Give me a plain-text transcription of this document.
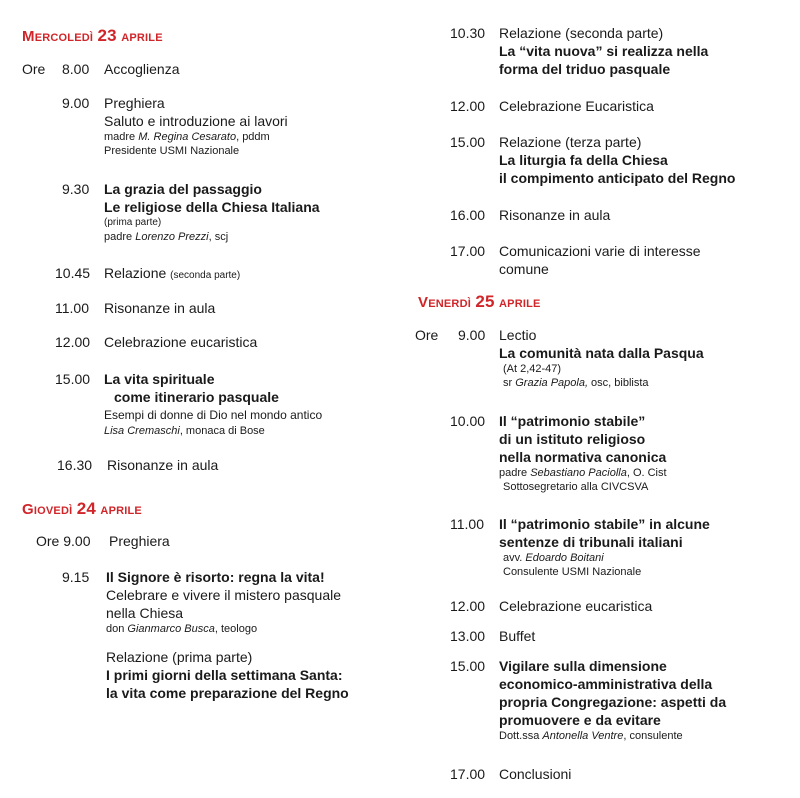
Mercoledì 23 aprile
Ore 8.00 Accoglienza
9.00 Preghiera
Saluto e introduzione ai lavori
madre M. Regina Cesarato, pddm
Presidente USMI Nazionale
9.30 La grazia del passaggio
Le religiose della Chiesa Italiana
(prima parte)
padre Lorenzo Prezzi, scj
10.45 Relazione (seconda parte)
11.00 Risonanze in aula
12.00 Celebrazione eucaristica
15.00 La vita spirituale
come itinerario pasquale
Esempi di donne di Dio nel mondo antico
Lisa Cremaschi, monaca di Bose
16.30 Risonanze in aula
Giovedì 24 aprile
Ore 9.00 Preghiera
9.15 Il Signore è risorto: regna la vita!
Celebrare e vivere il mistero pasquale
nella Chiesa
don Gianmarco Busca, teologo
Relazione (prima parte)
I primi giorni della settimana Santa:
la vita come preparazione del Regno
10.30 Relazione (seconda parte)
La “vita nuova” si realizza nella
forma del triduo pasquale
12.00 Celebrazione Eucaristica
15.00 Relazione (terza parte)
La liturgia fa della Chiesa
il compimento anticipato del Regno
16.00 Risonanze in aula
17.00 Comunicazioni varie di interesse
comune
Venerdì 25 aprile
Ore 9.00 Lectio
La comunità nata dalla Pasqua
(At 2,42-47)
sr Grazia Papola, osc, biblista
10.00 Il “patrimonio stabile”
di un istituto religioso
nella normativa canonica
padre Sebastiano Paciolla, O. Cist
Sottosegretario alla CIVCSVA
11.00 Il “patrimonio stabile” in alcune
sentenze di tribunali italiani
avv. Edoardo Boitani
Consulente USMI Nazionale
12.00 Celebrazione eucaristica
13.00 Buffet
15.00 Vigilare sulla dimensione
economico-amministrativa della
propria Congregazione: aspetti da
promuovere e da evitare
Dott.ssa Antonella Ventre, consulente
17.00 Conclusioni
